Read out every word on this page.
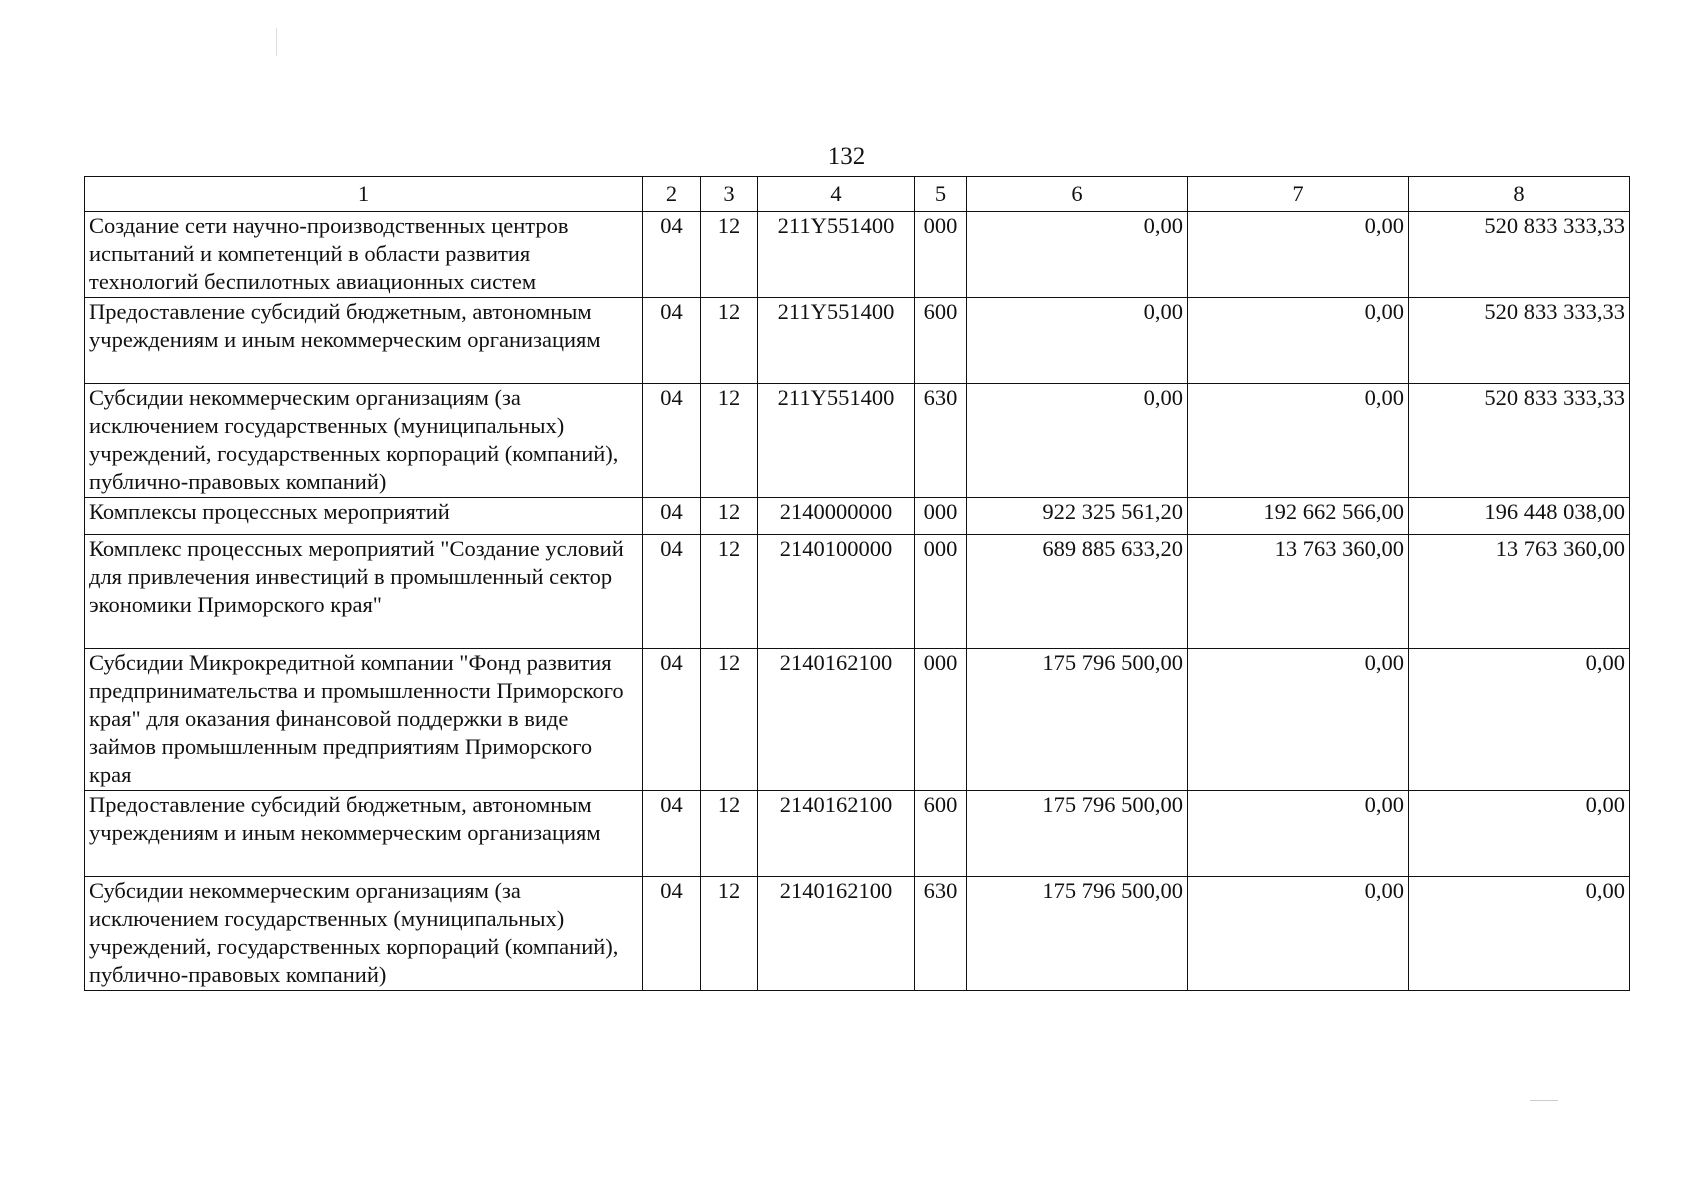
132
1	2	3	4	5	6	7	8
Создание сети научно-производственных центров испытаний и компетенций в области развития технологий беспилотных авиационных систем	04	12	211Y551400	000	0,00	0,00	520 833 333,33
Предоставление субсидий бюджетным, автономным учреждениям и иным некоммерческим организациям	04	12	211Y551400	600	0,00	0,00	520 833 333,33
Субсидии некоммерческим организациям (за исключением государственных (муниципальных) учреждений, государственных корпораций (компаний), публично-правовых компаний)	04	12	211Y551400	630	0,00	0,00	520 833 333,33
Комплексы процессных мероприятий	04	12	2140000000	000	922 325 561,20	192 662 566,00	196 448 038,00
Комплекс процессных мероприятий "Создание условий для привлечения инвестиций в промышленный сектор экономики Приморского края"	04	12	2140100000	000	689 885 633,20	13 763 360,00	13 763 360,00
Субсидии Микрокредитной компании "Фонд развития предпринимательства и промышленности Приморского края" для оказания финансовой поддержки в виде займов промышленным предприятиям Приморского края	04	12	2140162100	000	175 796 500,00	0,00	0,00
Предоставление субсидий бюджетным, автономным учреждениям и иным некоммерческим организациям	04	12	2140162100	600	175 796 500,00	0,00	0,00
Субсидии некоммерческим организациям (за исключением государственных (муниципальных) учреждений, государственных корпораций (компаний), публично-правовых компаний)	04	12	2140162100	630	175 796 500,00	0,00	0,00
